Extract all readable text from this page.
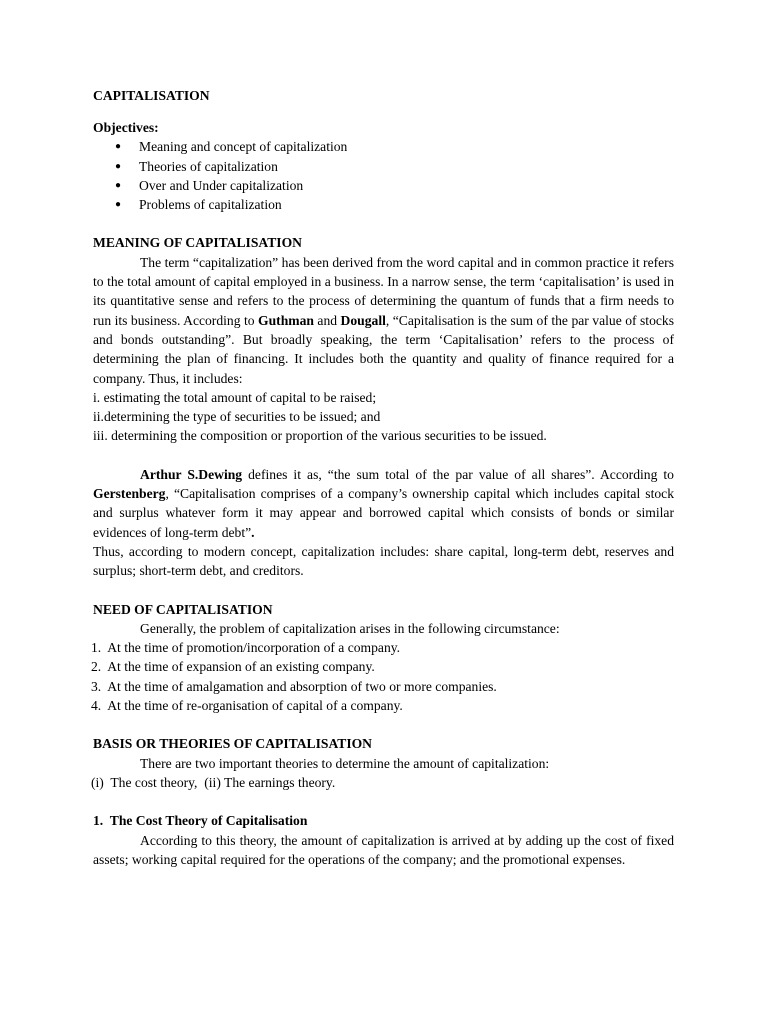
CAPITALISATION

Objectives:

● Meaning and concept of capitalization
● Theories of capitalization
● Over and Under capitalization
● Problems of capitalization

MEANING OF CAPITALISATION

The term “capitalization” has been derived from the word capital and in common practice it refers to the total amount of capital employed in a business. In a narrow sense, the term ‘capitalisation’ is used in its quantitative sense and refers to the process of determining the quantum of funds that a firm needs to run its business. According to Guthman and Dougall, “Capitalisation is the sum of the par value of stocks and bonds outstanding”. But broadly speaking, the term ‘Capitalisation’ refers to the process of determining the plan of financing. It includes both the quantity and quality of finance required for a company. Thus, it includes:

i. estimating the total amount of capital to be raised;

ii.determining the type of securities to be issued; and

iii. determining the composition or proportion of the various securities to be issued.

Arthur S.Dewing defines it as, “the sum total of the par value of all shares”. According to Gerstenberg, “Capitalisation comprises of a company’s ownership capital which includes capital stock and surplus whatever form it may appear and borrowed capital which consists of bonds or similar evidences of long-term debt”.

Thus, according to modern concept, capitalization includes: share capital, long-term debt, reserves and surplus; short-term debt, and creditors.

NEED OF CAPITALISATION

Generally, the problem of capitalization arises in the following circumstance:

1.  At the time of promotion/incorporation of a company.

2.  At the time of expansion of an existing company.

3.  At the time of amalgamation and absorption of two or more companies.

4.  At the time of re-organisation of capital of a company.

BASIS OR THEORIES OF CAPITALISATION

There are two important theories to determine the amount of capitalization:

(i)  The cost theory,  (ii) The earnings theory.

1.  The Cost Theory of Capitalisation

According to this theory, the amount of capitalization is arrived at by adding up the cost of fixed assets; working capital required for the operations of the company; and the promotional expenses.
